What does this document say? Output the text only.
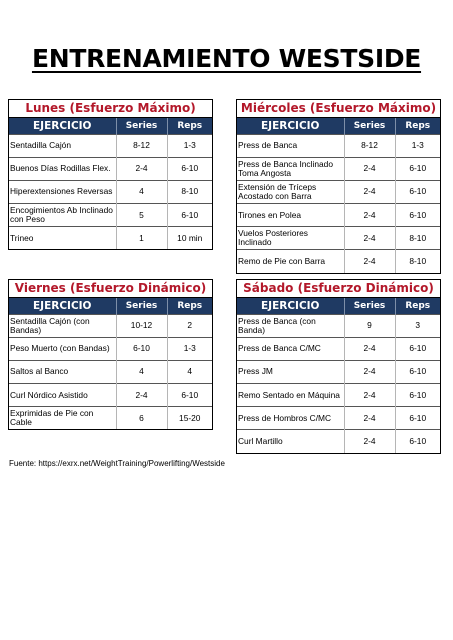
ENTRENAMIENTO WESTSIDE
Lunes (Esfuerzo Máximo)
EJERCICIO	Series	Reps
Sentadilla Cajón	8-12	1-3
Buenos Días Rodillas Flex.	2-4	6-10
Hiperextensiones Reversas	4	8-10
Encogimientos Ab Inclinado con Peso	5	6-10
Trineo	1	10 min
Miércoles (Esfuerzo Máximo)
EJERCICIO	Series	Reps
Press de Banca	8-12	1-3
Press de Banca Inclinado Toma Angosta	2-4	6-10
Extensión de Tríceps Acostado con Barra	2-4	6-10
Tirones en Polea	2-4	6-10
Vuelos Posteriores Inclinado	2-4	8-10
Remo de Pie con Barra	2-4	8-10
Viernes (Esfuerzo Dinámico)
EJERCICIO	Series	Reps
Sentadilla Cajón (con Bandas)	10-12	2
Peso Muerto (con Bandas)	6-10	1-3
Saltos al Banco	4	4
Curl Nórdico Asistido	2-4	6-10
Exprimidas de Pie con Cable	6	15-20
Sábado (Esfuerzo Dinámico)
EJERCICIO	Series	Reps
Press de Banca (con Banda)	9	3
Press de Banca C/MC	2-4	6-10
Press JM	2-4	6-10
Remo Sentado en Máquina	2-4	6-10
Press de Hombros C/MC	2-4	6-10
Curl Martillo	2-4	6-10
Fuente: https://exrx.net/WeightTraining/Powerlifting/Westside
